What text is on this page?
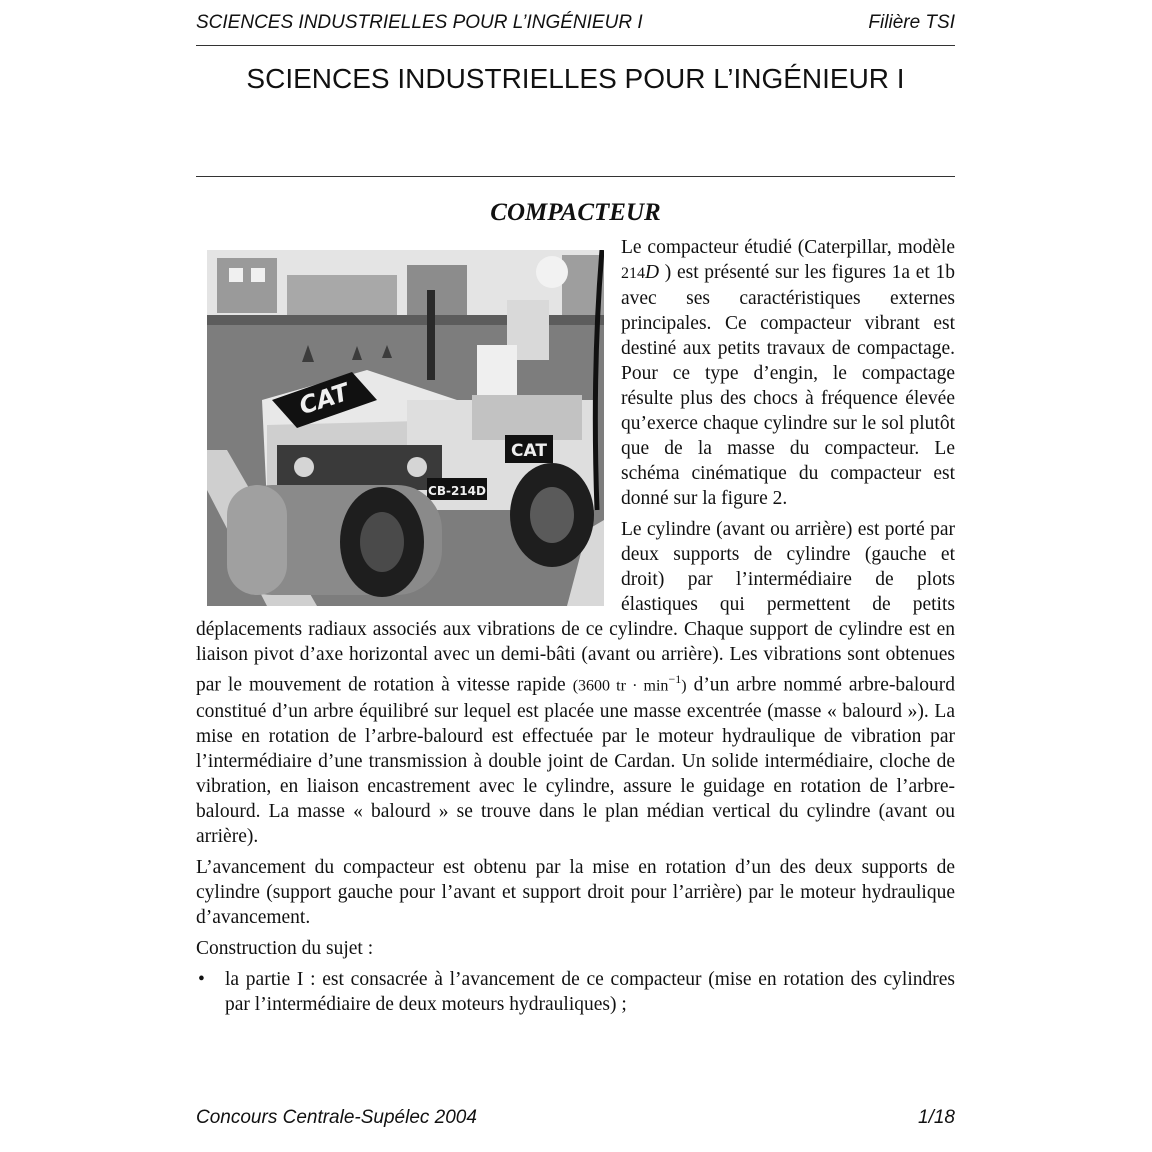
SCIENCES INDUSTRIELLES POUR L’INGÉNIEUR I	Filière TSI
SCIENCES INDUSTRIELLES POUR L’INGÉNIEUR I
COMPACTEUR
CAT
CAT
CB-214D

Le compacteur étudié (Caterpillar, modèle 214D ) est présenté sur les figures 1a et 1b avec ses caractéristiques externes principales. Ce compacteur vibrant est destiné aux petits travaux de compactage. Pour ce type d’engin, le compactage résulte plus des chocs à fréquence élevée qu’exerce chaque cylindre sur le sol plutôt que de la masse du compacteur. Le schéma cinématique du compacteur est donné sur la figure 2.

Le cylindre (avant ou arrière) est porté par deux supports de cylindre (gauche et droit) par l’intermédiaire de plots élastiques qui permettent de petits déplacements radiaux associés aux vibrations de ce cylindre. Chaque support de cylindre est en liaison pivot d’axe horizontal avec un demi-bâti (avant ou arrière). Les vibrations sont obtenues par le mouvement de rotation à vitesse rapide (3600 tr · $\min^{-1}$) d’un arbre nommé arbre-balourd constitué d’un arbre équilibré sur lequel est placée une masse excentrée (masse « balourd »). La mise en rotation de l’arbre-balourd est effectuée par le moteur hydraulique de vibration par l’intermédiaire d’une transmission à double joint de Cardan. Un solide intermédiaire, cloche de vibration, en liaison encastrement avec le cylindre, assure le guidage en rotation de l’arbre-balourd. La masse « balourd » se trouve dans le plan médian vertical du cylindre (avant ou arrière).

L’avancement du compacteur est obtenu par la mise en rotation d’un des deux supports de cylindre (support gauche pour l’avant et support droit pour l’arrière) par le moteur hydraulique d’avancement.

Construction du sujet :

• la partie I : est consacrée à l’avancement de ce compacteur (mise en rotation des cylindres par l’intermédiaire de deux moteurs hydrauliques) ;
Concours Centrale-Supélec 2004	1/18
